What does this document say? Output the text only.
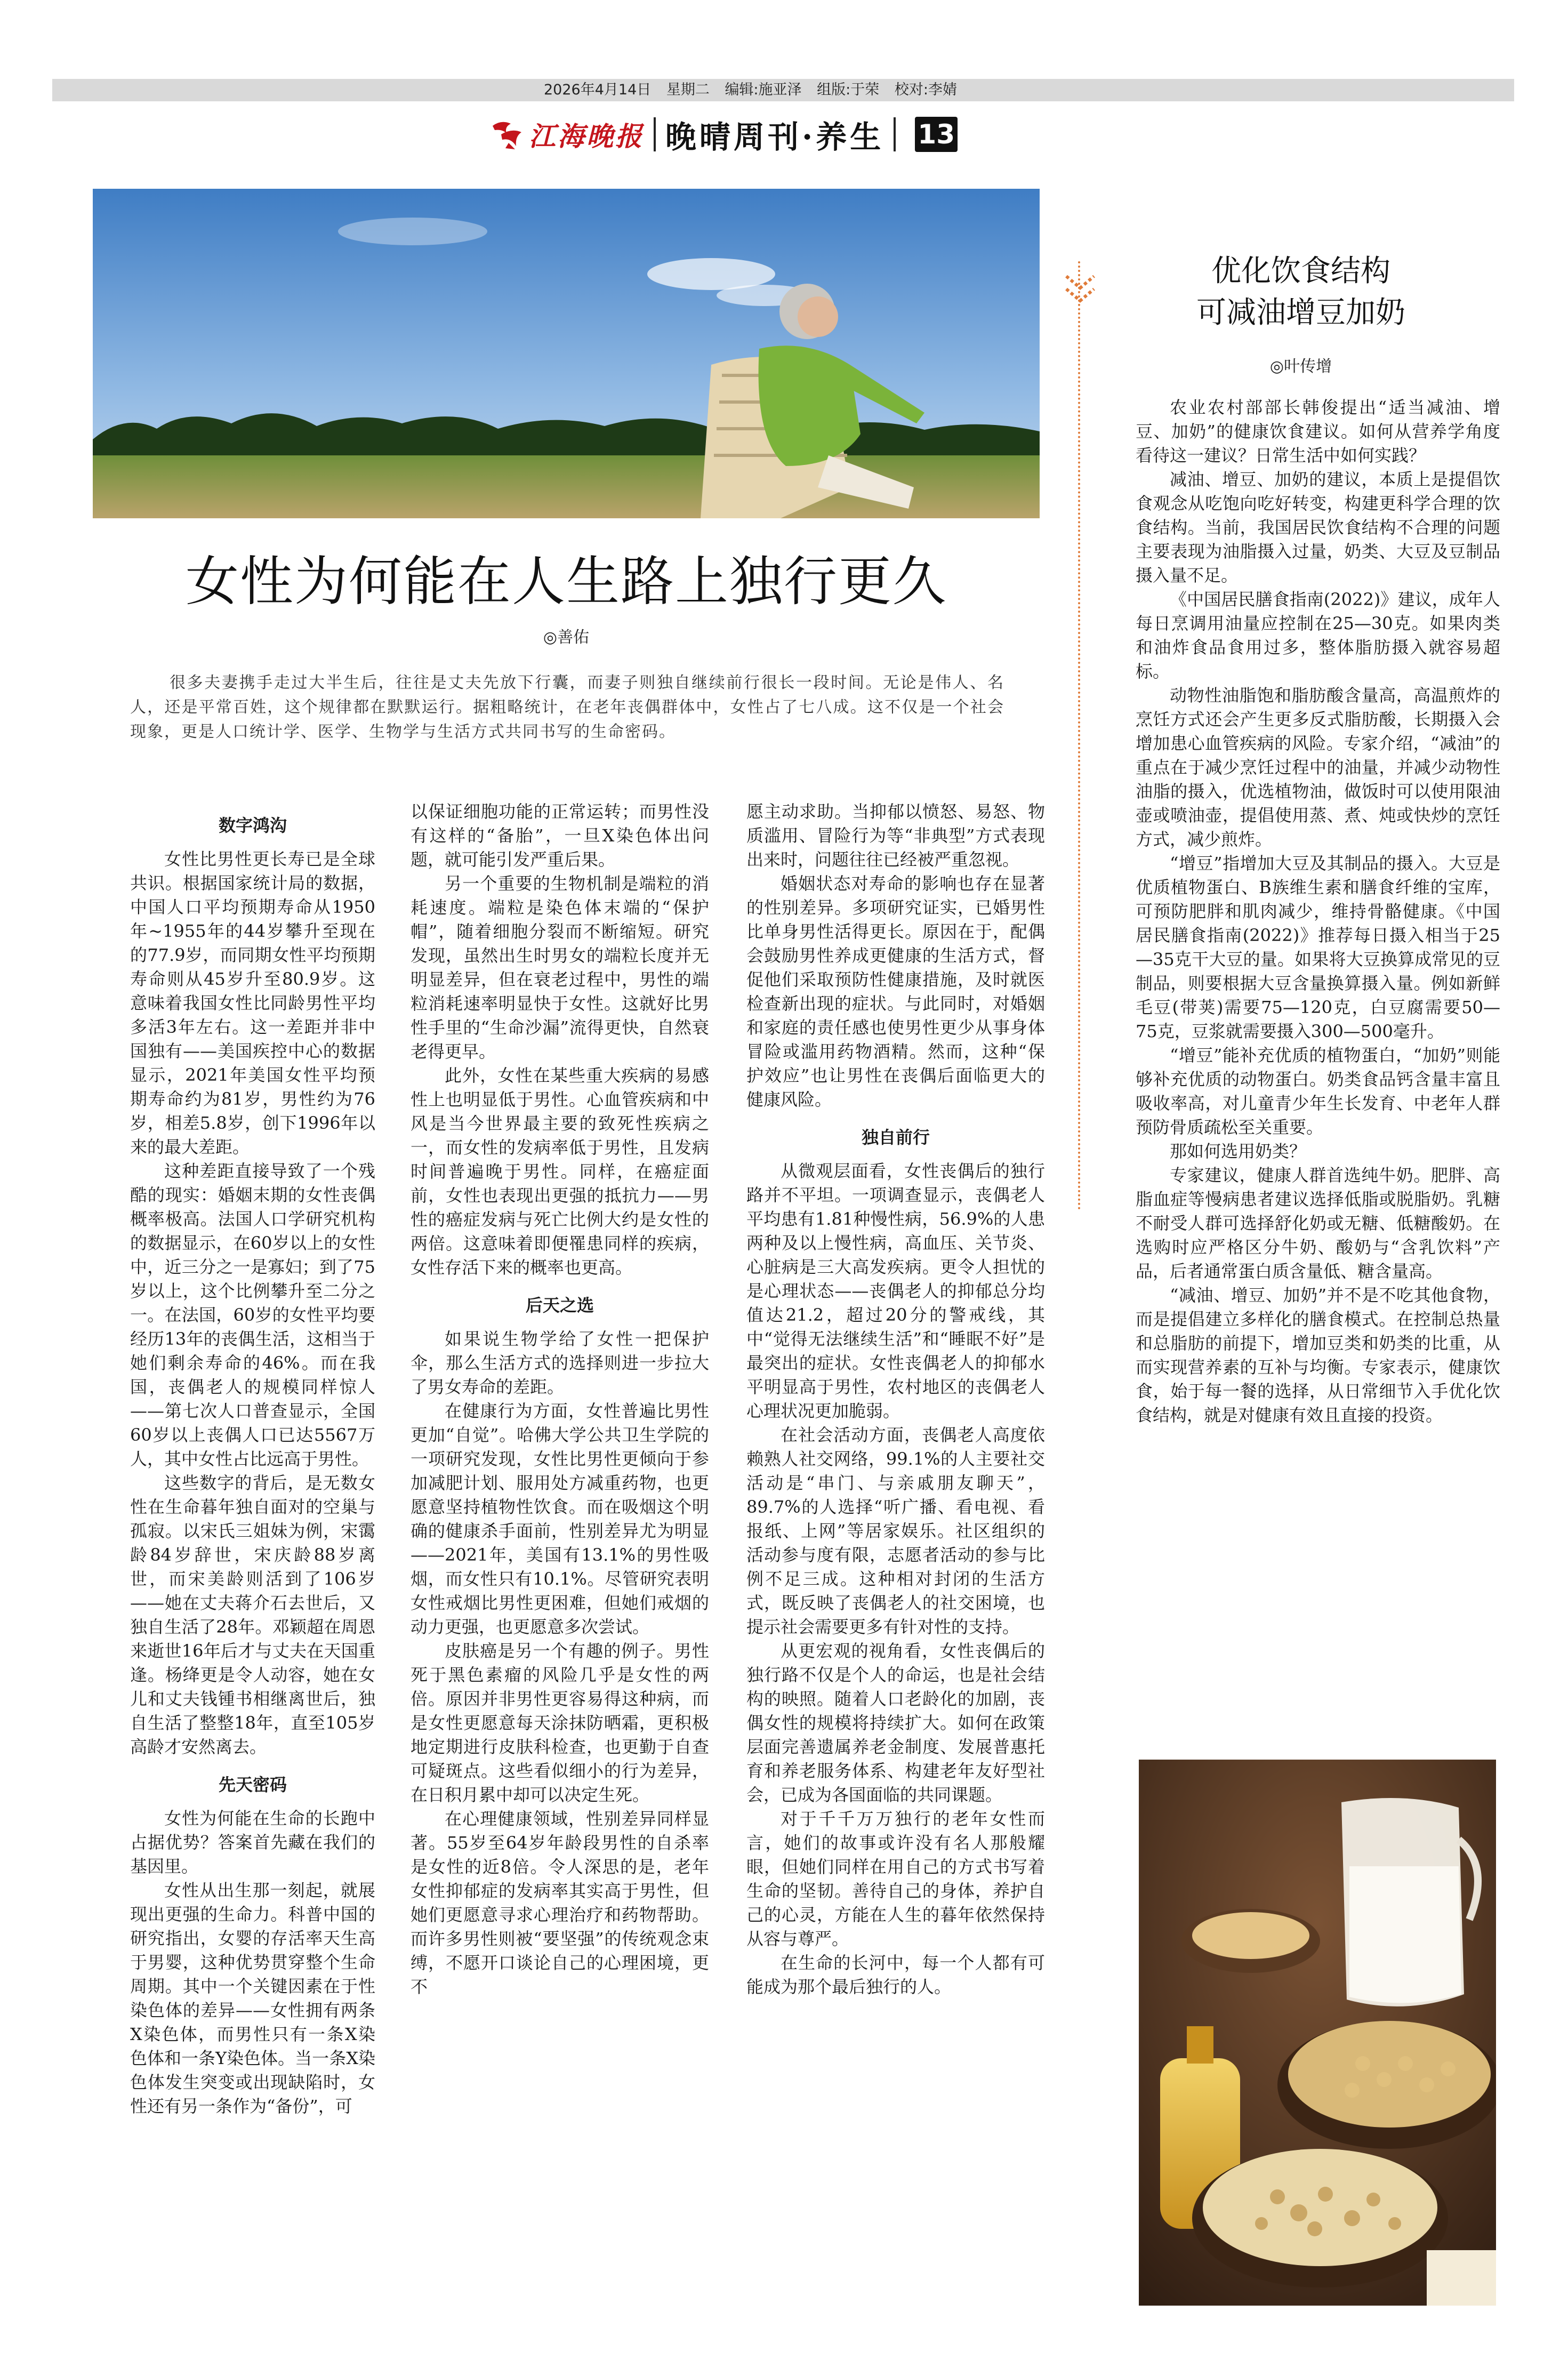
2026年4月14日 星期二 编辑:施亚泽 组版:于荣 校对:李婧
江海晚报 晚晴周刊·养生 13
女性为何能在人生路上独行更久
◎善佑
很多夫妻携手走过大半生后，往往是丈夫先放下行囊，而妻子则独自继续前行很长一段时间。无论是伟人、名人，还是平常百姓，这个规律都在默默运行。据粗略统计，在老年丧偶群体中，女性占了七八成。这不仅是一个社会现象，更是人口统计学、医学、生物学与生活方式共同书写的生命密码。
数字鸿沟

女性比男性更长寿已是全球共识。根据国家统计局的数据，中国人口平均预期寿命从1950年~1955年的44岁攀升至现在的77.9岁，而同期女性平均预期寿命则从45岁升至80.9岁。这意味着我国女性比同龄男性平均多活3年左右。这一差距并非中国独有——美国疾控中心的数据显示，2021年美国女性平均预期寿命约为81岁，男性约为76岁，相差5.8岁，创下1996年以来的最大差距。

这种差距直接导致了一个残酷的现实：婚姻末期的女性丧偶概率极高。法国人口学研究机构的数据显示，在60岁以上的女性中，近三分之一是寡妇；到了75岁以上，这个比例攀升至二分之一。在法国，60岁的女性平均要经历13年的丧偶生活，这相当于她们剩余寿命的46%。而在我国，丧偶老人的规模同样惊人——第七次人口普查显示，全国60岁以上丧偶人口已达5567万人，其中女性占比远高于男性。

这些数字的背后，是无数女性在生命暮年独自面对的空巢与孤寂。以宋氏三姐妹为例，宋霭龄84岁辞世，宋庆龄88岁离世，而宋美龄则活到了106岁——她在丈夫蒋介石去世后，又独自生活了28年。邓颖超在周恩来逝世16年后才与丈夫在天国重逢。杨绛更是令人动容，她在女儿和丈夫钱锺书相继离世后，独自生活了整整18年，直至105岁高龄才安然离去。

先天密码

女性为何能在生命的长跑中占据优势？答案首先藏在我们的基因里。

女性从出生那一刻起，就展现出更强的生命力。科普中国的研究指出，女婴的存活率天生高于男婴，这种优势贯穿整个生命周期。其中一个关键因素在于性染色体的差异——女性拥有两条X染色体，而男性只有一条X染色体和一条Y染色体。当一条X染色体发生突变或出现缺陷时，女性还有另一条作为“备份”，可

以保证细胞功能的正常运转；而男性没有这样的“备胎”，一旦X染色体出问题，就可能引发严重后果。

另一个重要的生物机制是端粒的消耗速度。端粒是染色体末端的“保护帽”，随着细胞分裂而不断缩短。研究发现，虽然出生时男女的端粒长度并无明显差异，但在衰老过程中，男性的端粒消耗速率明显快于女性。这就好比男性手里的“生命沙漏”流得更快，自然衰老得更早。

此外，女性在某些重大疾病的易感性上也明显低于男性。心血管疾病和中风是当今世界最主要的致死性疾病之一，而女性的发病率低于男性，且发病时间普遍晚于男性。同样，在癌症面前，女性也表现出更强的抵抗力——男性的癌症发病与死亡比例大约是女性的两倍。这意味着即便罹患同样的疾病，女性存活下来的概率也更高。

后天之选

如果说生物学给了女性一把保护伞，那么生活方式的选择则进一步拉大了男女寿命的差距。

在健康行为方面，女性普遍比男性更加“自觉”。哈佛大学公共卫生学院的一项研究发现，女性比男性更倾向于参加减肥计划、服用处方减重药物，也更愿意坚持植物性饮食。而在吸烟这个明确的健康杀手面前，性别差异尤为明显——2021年，美国有13.1%的男性吸烟，而女性只有10.1%。尽管研究表明女性戒烟比男性更困难，但她们戒烟的动力更强，也更愿意多次尝试。

皮肤癌是另一个有趣的例子。男性死于黑色素瘤的风险几乎是女性的两倍。原因并非男性更容易得这种病，而是女性更愿意每天涂抹防晒霜，更积极地定期进行皮肤科检查，也更勤于自查可疑斑点。这些看似细小的行为差异，在日积月累中却可以决定生死。

在心理健康领域，性别差异同样显著。55岁至64岁年龄段男性的自杀率是女性的近8倍。令人深思的是，老年女性抑郁症的发病率其实高于男性，但她们更愿意寻求心理治疗和药物帮助。而许多男性则被“要坚强”的传统观念束缚，不愿开口谈论自己的心理困境，更不

愿主动求助。当抑郁以愤怒、易怒、物质滥用、冒险行为等“非典型”方式表现出来时，问题往往已经被严重忽视。

婚姻状态对寿命的影响也存在显著的性别差异。多项研究证实，已婚男性比单身男性活得更长。原因在于，配偶会鼓励男性养成更健康的生活方式，督促他们采取预防性健康措施，及时就医检查新出现的症状。与此同时，对婚姻和家庭的责任感也使男性更少从事身体冒险或滥用药物酒精。然而，这种“保护效应”也让男性在丧偶后面临更大的健康风险。

独自前行

从微观层面看，女性丧偶后的独行路并不平坦。一项调查显示，丧偶老人平均患有1.81种慢性病，56.9%的人患两种及以上慢性病，高血压、关节炎、心脏病是三大高发疾病。更令人担忧的是心理状态——丧偶老人的抑郁总分均值达21.2，超过20分的警戒线，其中“觉得无法继续生活”和“睡眠不好”是最突出的症状。女性丧偶老人的抑郁水平明显高于男性，农村地区的丧偶老人心理状况更加脆弱。

在社会活动方面，丧偶老人高度依赖熟人社交网络，99.1%的人主要社交活动是“串门、与亲戚朋友聊天”，89.7%的人选择“听广播、看电视、看报纸、上网”等居家娱乐。社区组织的活动参与度有限，志愿者活动的参与比例不足三成。这种相对封闭的生活方式，既反映了丧偶老人的社交困境，也提示社会需要更多有针对性的支持。

从更宏观的视角看，女性丧偶后的独行路不仅是个人的命运，也是社会结构的映照。随着人口老龄化的加剧，丧偶女性的规模将持续扩大。如何在政策层面完善遗属养老金制度、发展普惠托育和养老服务体系、构建老年友好型社会，已成为各国面临的共同课题。

对于千千万万独行的老年女性而言，她们的故事或许没有名人那般耀眼，但她们同样在用自己的方式书写着生命的坚韧。善待自己的身体，养护自己的心灵，方能在人生的暮年依然保持从容与尊严。

在生命的长河中，每一个人都有可能成为那个最后独行的人。

优化饮食结构
可减油增豆加奶
◎叶传增

农业农村部部长韩俊提出“适当减油、增豆、加奶”的健康饮食建议。如何从营养学角度看待这一建议？日常生活中如何实践？

减油、增豆、加奶的建议，本质上是提倡饮食观念从吃饱向吃好转变，构建更科学合理的饮食结构。当前，我国居民饮食结构不合理的问题主要表现为油脂摄入过量，奶类、大豆及豆制品摄入量不足。

《中国居民膳食指南(2022)》建议，成年人每日烹调用油量应控制在25—30克。如果肉类和油炸食品食用过多，整体脂肪摄入就容易超标。

动物性油脂饱和脂肪酸含量高，高温煎炸的烹饪方式还会产生更多反式脂肪酸，长期摄入会增加患心血管疾病的风险。专家介绍，“减油”的重点在于减少烹饪过程中的油量，并减少动物性油脂的摄入，优选植物油，做饭时可以使用限油壶或喷油壶，提倡使用蒸、煮、炖或快炒的烹饪方式，减少煎炸。

“增豆”指增加大豆及其制品的摄入。大豆是优质植物蛋白、B族维生素和膳食纤维的宝库，可预防肥胖和肌肉减少，维持骨骼健康。《中国居民膳食指南(2022)》推荐每日摄入相当于25—35克干大豆的量。如果将大豆换算成常见的豆制品，则要根据大豆含量换算摄入量。例如新鲜毛豆(带荚)需要75—120克，白豆腐需要50—75克，豆浆就需要摄入300—500毫升。

“增豆”能补充优质的植物蛋白，“加奶”则能够补充优质的动物蛋白。奶类食品钙含量丰富且吸收率高，对儿童青少年生长发育、中老年人群预防骨质疏松至关重要。

那如何选用奶类？

专家建议，健康人群首选纯牛奶。肥胖、高脂血症等慢病患者建议选择低脂或脱脂奶。乳糖不耐受人群可选择舒化奶或无糖、低糖酸奶。在选购时应严格区分牛奶、酸奶与“含乳饮料”产品，后者通常蛋白质含量低、糖含量高。

“减油、增豆、加奶”并不是不吃其他食物，而是提倡建立多样化的膳食模式。在控制总热量和总脂肪的前提下，增加豆类和奶类的比重，从而实现营养素的互补与均衡。专家表示，健康饮食，始于每一餐的选择，从日常细节入手优化饮食结构，就是对健康有效且直接的投资。
